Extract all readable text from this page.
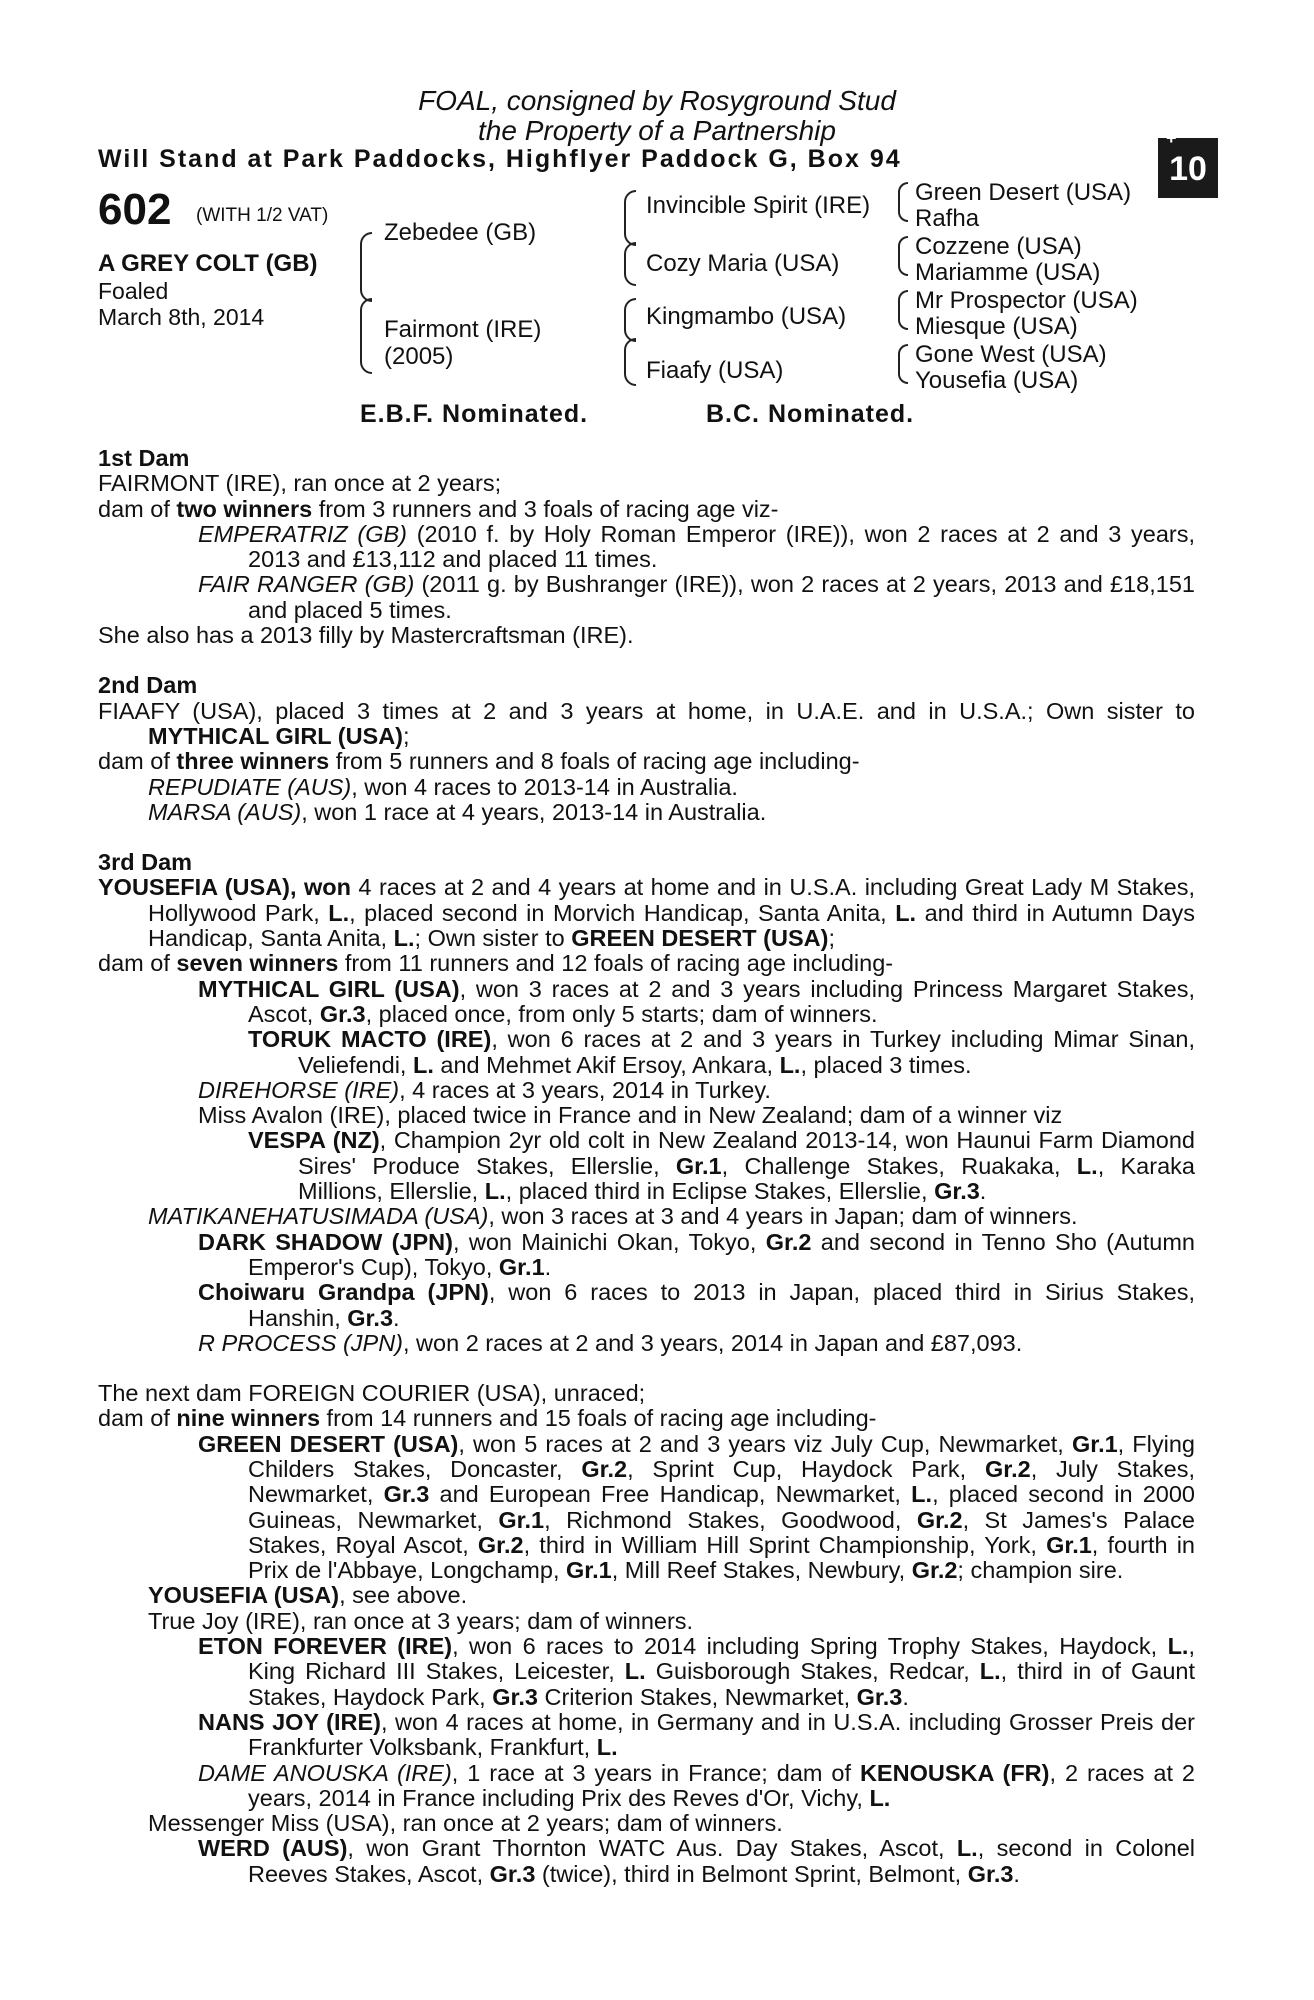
FOAL, consigned by Rosyground Stud
the Property of a Partnership
Will Stand at Park Paddocks, Highflyer Paddock G, Box 94
+
10
602 (WITH 1/2 VAT)
A GREY COLT (GB)
Foaled
March 8th, 2014
Zebedee (GB)
Fairmont (IRE)
(2005)
Invincible Spirit (IRE)
Cozy Maria (USA)
Kingmambo (USA)
Fiaafy (USA)
Green Desert (USA)
Rafha
Cozzene (USA)
Mariamme (USA)
Mr Prospector (USA)
Miesque (USA)
Gone West (USA)
Yousefia (USA)
E.B.F. Nominated.	B.C. Nominated.

1st Dam

FAIRMONT (IRE), ran once at 2 years;

dam of two winners from 3 runners and 3 foals of racing age viz-

EMPERATRIZ (GB) (2010 f. by Holy Roman Emperor (IRE)), won 2 races at 2 and 3 years, 2013 and £13,112 and placed 11 times.

FAIR RANGER (GB) (2011 g. by Bushranger (IRE)), won 2 races at 2 years, 2013 and £18,151 and placed 5 times.

She also has a 2013 filly by Mastercraftsman (IRE).

2nd Dam

FIAAFY (USA), placed 3 times at 2 and 3 years at home, in U.A.E. and in U.S.A.; Own sister to MYTHICAL GIRL (USA);

dam of three winners from 5 runners and 8 foals of racing age including-

REPUDIATE (AUS), won 4 races to 2013-14 in Australia.

MARSA (AUS), won 1 race at 4 years, 2013-14 in Australia.

3rd Dam

YOUSEFIA (USA), won 4 races at 2 and 4 years at home and in U.S.A. including Great Lady M Stakes, Hollywood Park, L., placed second in Morvich Handicap, Santa Anita, L. and third in Autumn Days Handicap, Santa Anita, L.; Own sister to GREEN DESERT (USA);

dam of seven winners from 11 runners and 12 foals of racing age including-

MYTHICAL GIRL (USA), won 3 races at 2 and 3 years including Princess Margaret Stakes, Ascot, Gr.3, placed once, from only 5 starts; dam of winners.

TORUK MACTO (IRE), won 6 races at 2 and 3 years in Turkey including Mimar Sinan, Veliefendi, L. and Mehmet Akif Ersoy, Ankara, L., placed 3 times.

DIREHORSE (IRE), 4 races at 3 years, 2014 in Turkey.

Miss Avalon (IRE), placed twice in France and in New Zealand; dam of a winner viz

VESPA (NZ), Champion 2yr old colt in New Zealand 2013-14, won Haunui Farm Diamond Sires' Produce Stakes, Ellerslie, Gr.1, Challenge Stakes, Ruakaka, L., Karaka Millions, Ellerslie, L., placed third in Eclipse Stakes, Ellerslie, Gr.3.

MATIKANEHATUSIMADA (USA), won 3 races at 3 and 4 years in Japan; dam of winners.

DARK SHADOW (JPN), won Mainichi Okan, Tokyo, Gr.2 and second in Tenno Sho (Autumn Emperor's Cup), Tokyo, Gr.1.

Choiwaru Grandpa (JPN), won 6 races to 2013 in Japan, placed third in Sirius Stakes, Hanshin, Gr.3.

R PROCESS (JPN), won 2 races at 2 and 3 years, 2014 in Japan and £87,093.

The next dam FOREIGN COURIER (USA), unraced;

dam of nine winners from 14 runners and 15 foals of racing age including-

GREEN DESERT (USA), won 5 races at 2 and 3 years viz July Cup, Newmarket, Gr.1, Flying Childers Stakes, Doncaster, Gr.2, Sprint Cup, Haydock Park, Gr.2, July Stakes, Newmarket, Gr.3 and European Free Handicap, Newmarket, L., placed second in 2000 Guineas, Newmarket, Gr.1, Richmond Stakes, Goodwood, Gr.2, St James's Palace Stakes, Royal Ascot, Gr.2, third in William Hill Sprint Championship, York, Gr.1, fourth in Prix de l'Abbaye, Longchamp, Gr.1, Mill Reef Stakes, Newbury, Gr.2; champion sire.

YOUSEFIA (USA), see above.

True Joy (IRE), ran once at 3 years; dam of winners.

ETON FOREVER (IRE), won 6 races to 2014 including Spring Trophy Stakes, Haydock, L., King Richard III Stakes, Leicester, L. Guisborough Stakes, Redcar, L., third in of Gaunt Stakes, Haydock Park, Gr.3 Criterion Stakes, Newmarket, Gr.3.

NANS JOY (IRE), won 4 races at home, in Germany and in U.S.A. including Grosser Preis der Frankfurter Volksbank, Frankfurt, L.

DAME ANOUSKA (IRE), 1 race at 3 years in France; dam of KENOUSKA (FR), 2 races at 2 years, 2014 in France including Prix des Reves d'Or, Vichy, L.

Messenger Miss (USA), ran once at 2 years; dam of winners.

WERD (AUS), won Grant Thornton WATC Aus. Day Stakes, Ascot, L., second in Colonel Reeves Stakes, Ascot, Gr.3 (twice), third in Belmont Sprint, Belmont, Gr.3.
